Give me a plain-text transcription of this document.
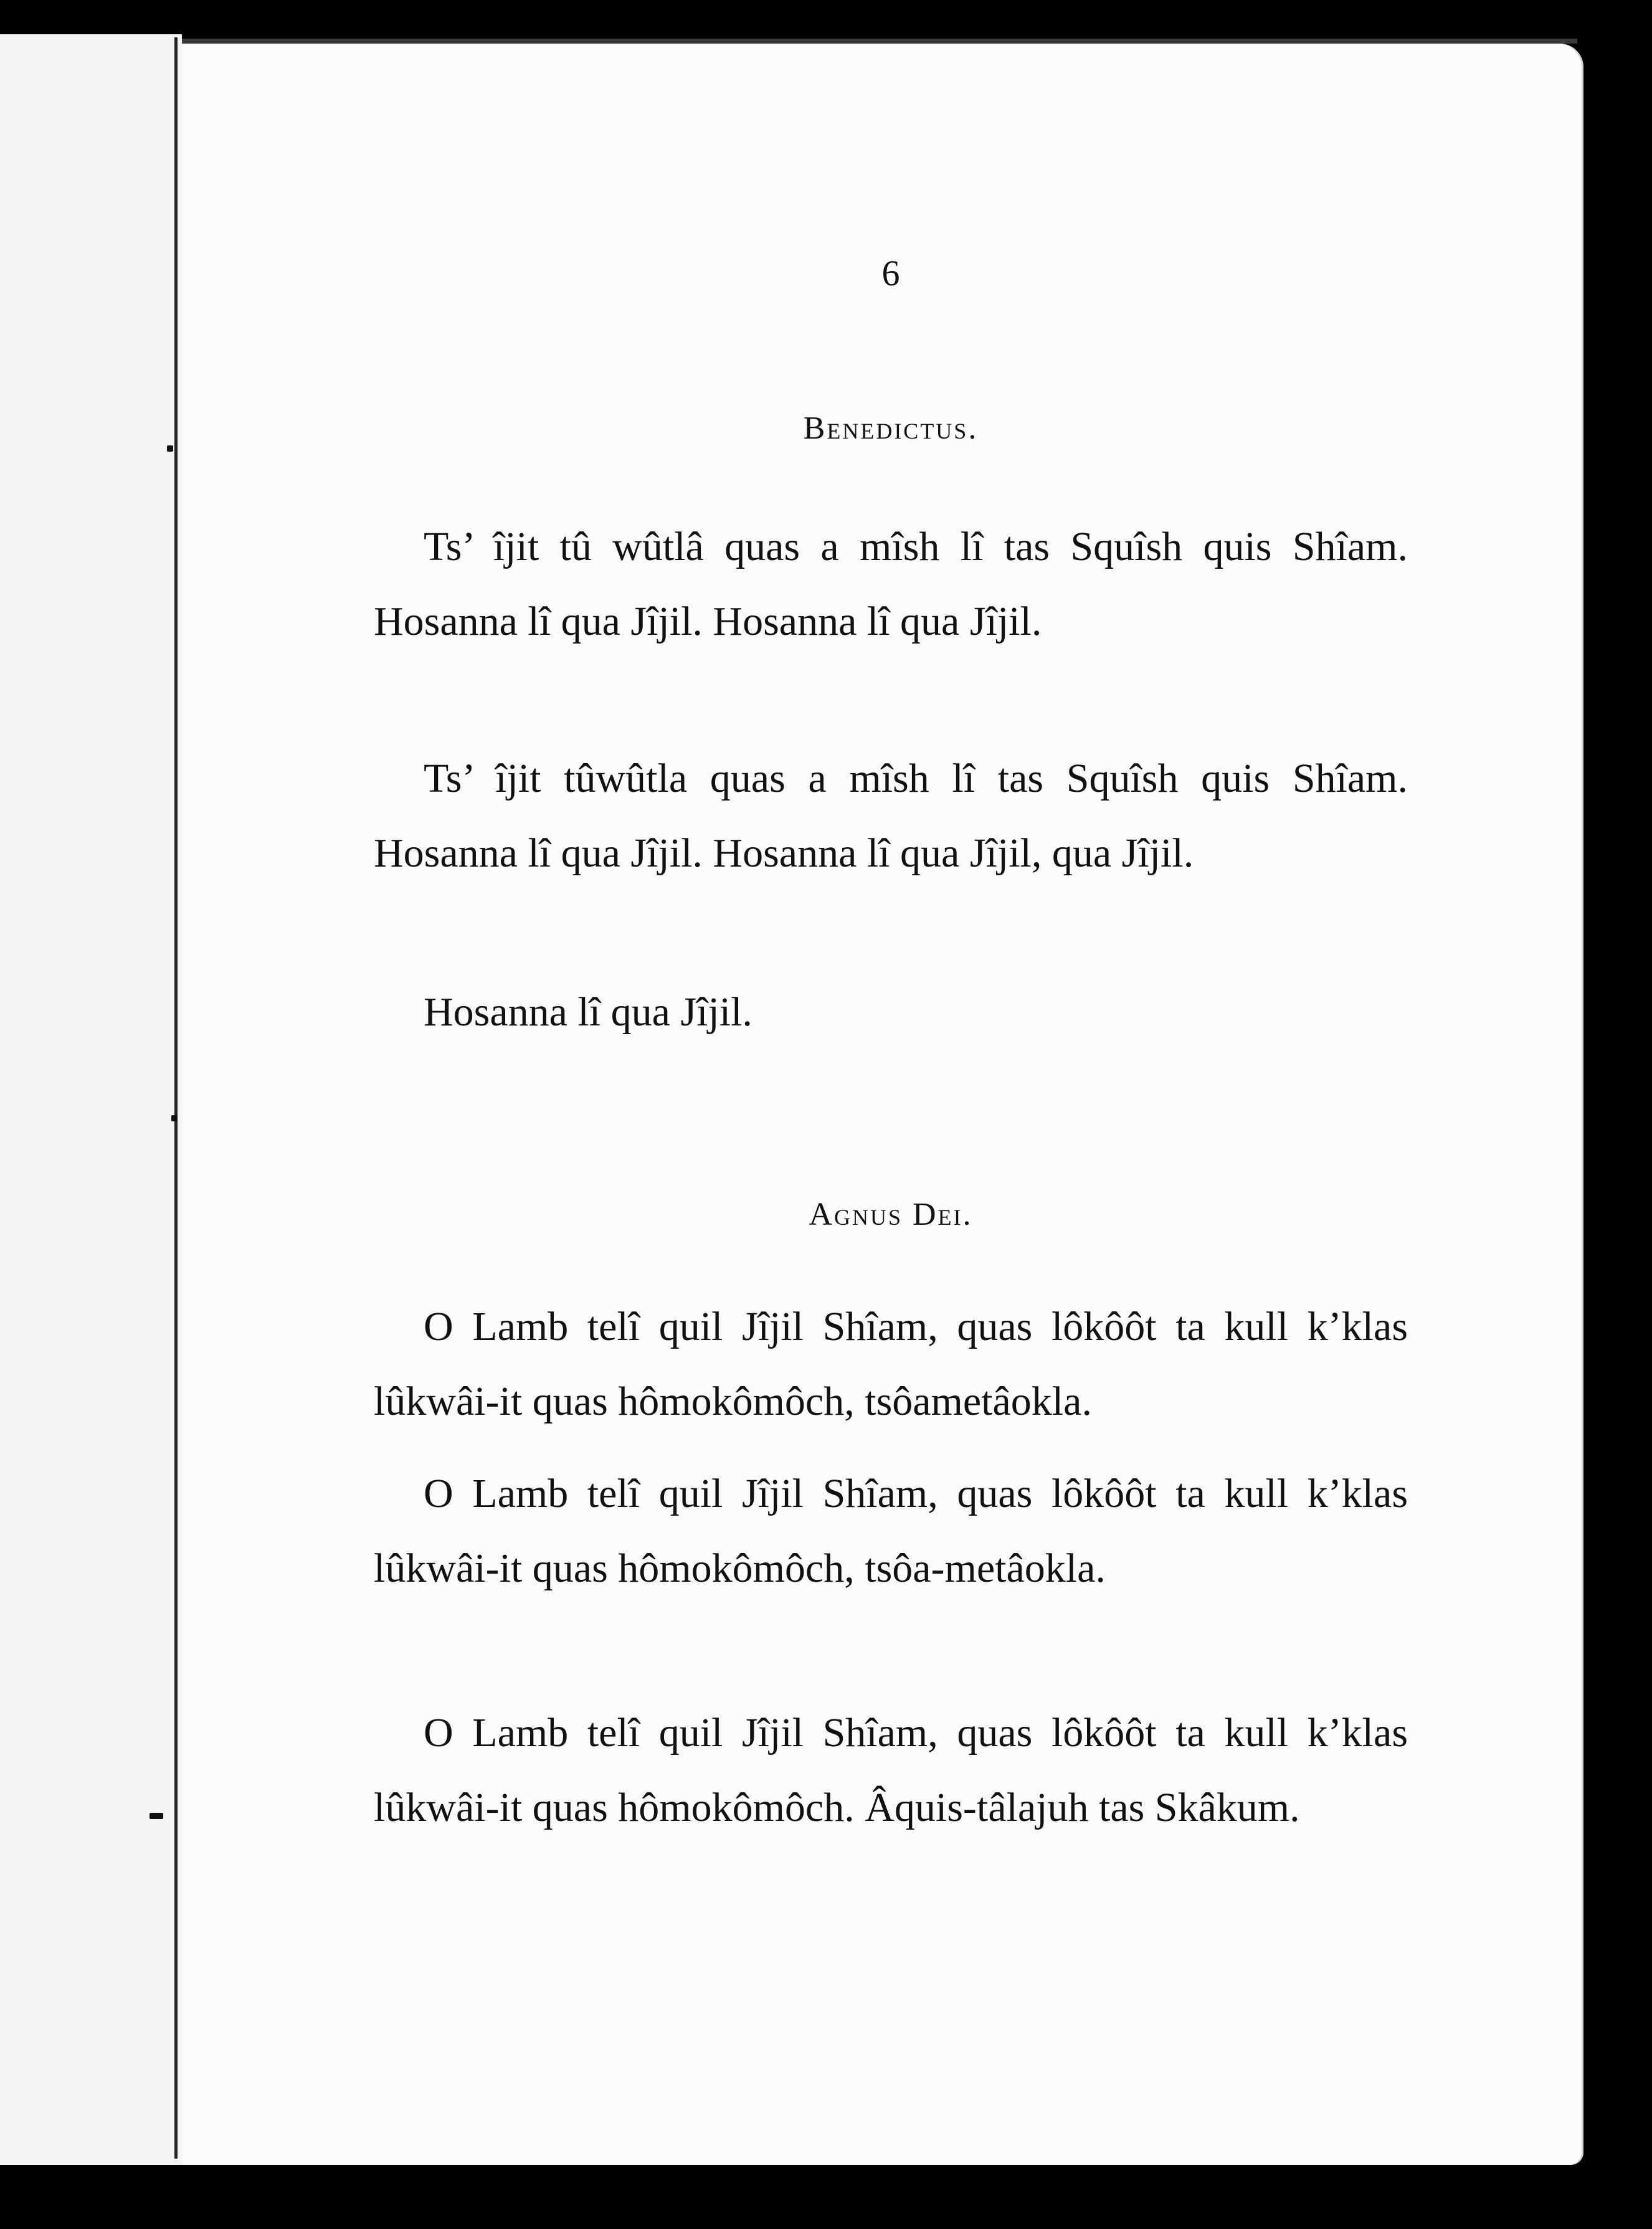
6
Benedictus.
Ts’ îjit tû wûtlâ quas a mîsh lî tas Squîsh quis Shîam. Hosanna lî qua Jîjil. Hosanna lî qua Jîjil.
Ts’ îjit tûwûtla quas a mîsh lî tas Squîsh quis Shîam. Hosanna lî qua Jîjil. Hosanna lî qua Jîjil, qua Jîjil.
Hosanna lî qua Jîjil.
Agnus Dei.
O Lamb telî quil Jîjil Shîam, quas lôkôôt ta kull k’klas lûkwâi-it quas hômokômôch, tsôametâokla.
O Lamb telî quil Jîjil Shîam, quas lôkôôt ta kull k’klas lûkwâi-it quas hômokômôch, tsôa-metâokla.
O Lamb telî quil Jîjil Shîam, quas lôkôôt ta kull k’klas lûkwâi-it quas hômokômôch. Âquis-tâlajuh tas Skâkum.
